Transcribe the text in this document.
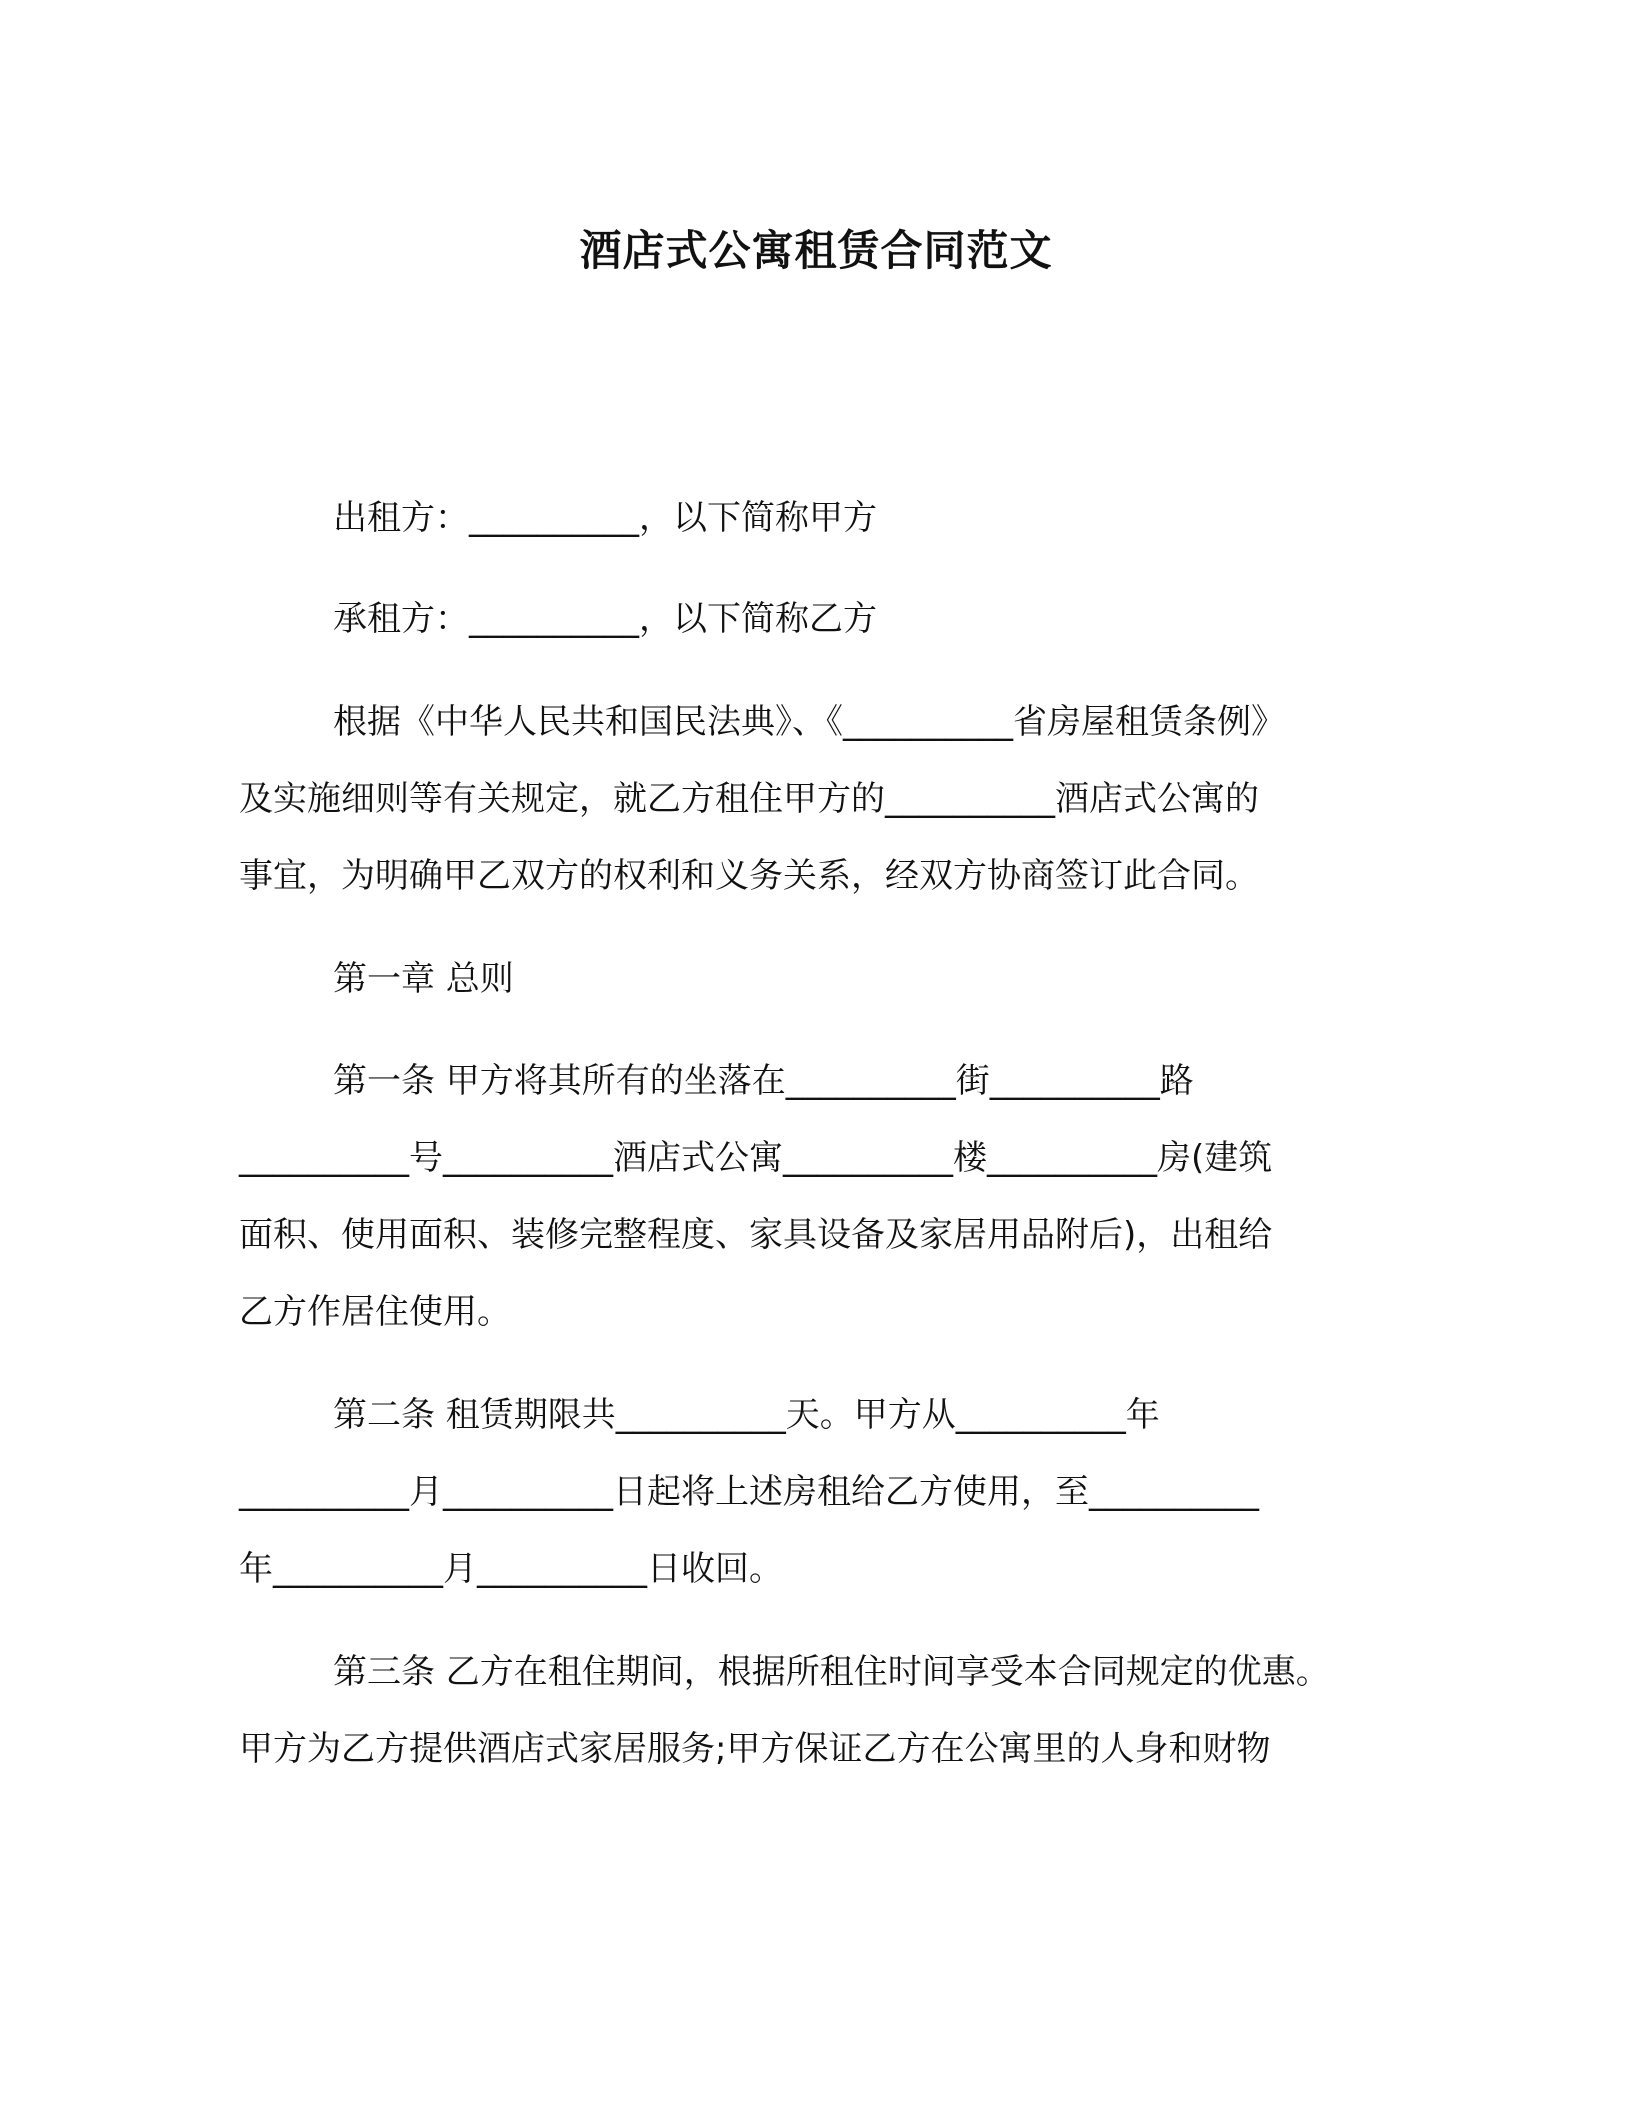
酒店式公寓租赁合同范文
出租方：__________，以下简称甲方
承租方：__________，以下简称乙方
根据《中华人民共和国民法典》、《__________省房屋租赁条例》
及实施细则等有关规定，就乙方租住甲方的__________酒店式公寓的
事宜，为明确甲乙双方的权利和义务关系，经双方协商签订此合同。
第一章 总则
第一条 甲方将其所有的坐落在__________街__________路
__________号__________酒店式公寓__________楼__________房(建筑
面积、使用面积、装修完整程度、家具设备及家居用品附后)，出租给
乙方作居住使用。
第二条 租赁期限共__________天。甲方从__________年
__________月__________日起将上述房租给乙方使用，至__________
年__________月__________日收回。
第三条 乙方在租住期间，根据所租住时间享受本合同规定的优惠。
甲方为乙方提供酒店式家居服务;甲方保证乙方在公寓里的人身和财物
